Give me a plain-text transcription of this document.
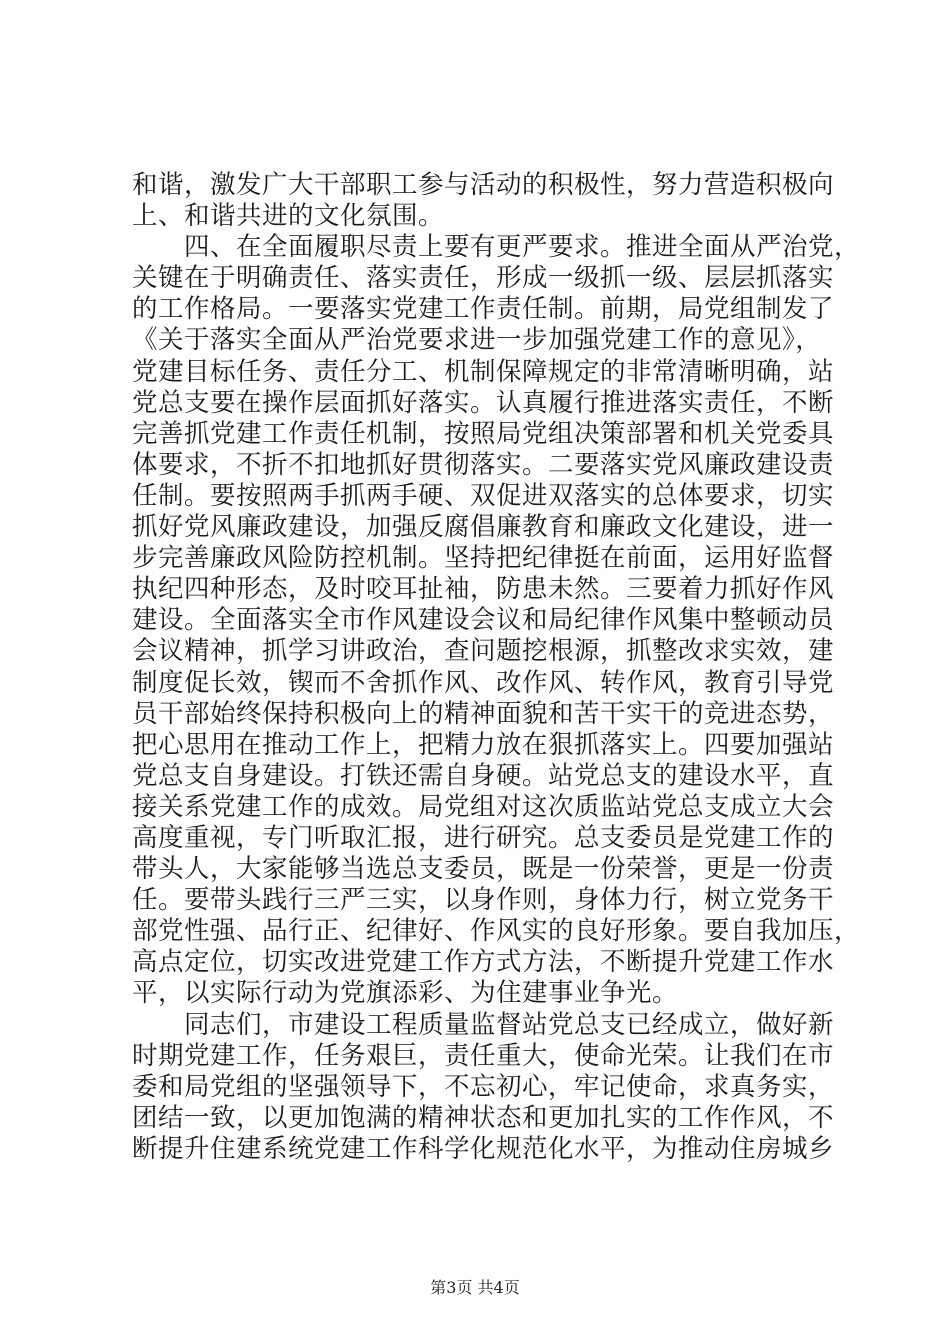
和谐，激发广大干部职工参与活动的积极性，努力营造积极向
上、和谐共进的文化氛围。
　　四、在全面履职尽责上要有更严要求。推进全面从严治党，
关键在于明确责任、落实责任，形成一级抓一级、层层抓落实
的工作格局。一要落实党建工作责任制。前期，局党组制发了
《关于落实全面从严治党要求进一步加强党建工作的意见》，
党建目标任务、责任分工、机制保障规定的非常清晰明确，站
党总支要在操作层面抓好落实。认真履行推进落实责任，不断
完善抓党建工作责任机制，按照局党组决策部署和机关党委具
体要求，不折不扣地抓好贯彻落实。二要落实党风廉政建设责
任制。要按照两手抓两手硬、双促进双落实的总体要求，切实
抓好党风廉政建设，加强反腐倡廉教育和廉政文化建设，进一
步完善廉政风险防控机制。坚持把纪律挺在前面，运用好监督
执纪四种形态，及时咬耳扯袖，防患未然。三要着力抓好作风
建设。全面落实全市作风建设会议和局纪律作风集中整顿动员
会议精神，抓学习讲政治，查问题挖根源，抓整改求实效，建
制度促长效，锲而不舍抓作风、改作风、转作风，教育引导党
员干部始终保持积极向上的精神面貌和苦干实干的竞进态势，
把心思用在推动工作上，把精力放在狠抓落实上。四要加强站
党总支自身建设。打铁还需自身硬。站党总支的建设水平，直
接关系党建工作的成效。局党组对这次质监站党总支成立大会
高度重视，专门听取汇报，进行研究。总支委员是党建工作的
带头人，大家能够当选总支委员，既是一份荣誉，更是一份责
任。要带头践行三严三实，以身作则，身体力行，树立党务干
部党性强、品行正、纪律好、作风实的良好形象。要自我加压，
高点定位，切实改进党建工作方式方法，不断提升党建工作水
平，以实际行动为党旗添彩、为住建事业争光。
　　同志们，市建设工程质量监督站党总支已经成立，做好新
时期党建工作，任务艰巨，责任重大，使命光荣。让我们在市
委和局党组的坚强领导下，不忘初心，牢记使命，求真务实，
团结一致，以更加饱满的精神状态和更加扎实的工作作风，不
断提升住建系统党建工作科学化规范化水平，为推动住房城乡
第3页 共4页
